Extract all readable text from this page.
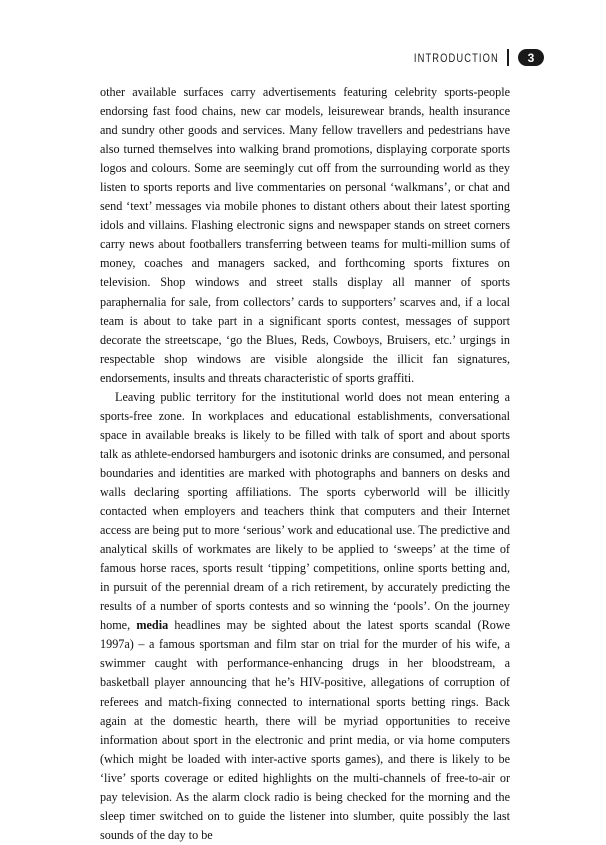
INTRODUCTION	3

other available surfaces carry advertisements featuring celebrity sports-people endorsing fast food chains, new car models, leisurewear brands, health insurance and sundry other goods and services. Many fellow travellers and pedestrians have also turned themselves into walking brand promotions, displaying corporate sports logos and colours. Some are seemingly cut off from the surrounding world as they listen to sports reports and live commentaries on personal ‘walkmans’, or chat and send ‘text’ messages via mobile phones to distant others about their latest sporting idols and villains. Flashing electronic signs and newspaper stands on street corners carry news about footballers transferring between teams for multi-million sums of money, coaches and managers sacked, and forthcoming sports fixtures on television. Shop windows and street stalls display all manner of sports paraphernalia for sale, from collectors’ cards to supporters’ scarves and, if a local team is about to take part in a significant sports contest, messages of support decorate the streetscape, ‘go the Blues, Reds, Cowboys, Bruisers, etc.’ urgings in respectable shop windows are visible alongside the illicit fan signatures, endorsements, insults and threats characteristic of sports graffiti.

Leaving public territory for the institutional world does not mean entering a sports-free zone. In workplaces and educational establishments, conversational space in available breaks is likely to be filled with talk of sport and about sports talk as athlete-endorsed hamburgers and isotonic drinks are consumed, and personal boundaries and identities are marked with photographs and banners on desks and walls declaring sporting affiliations. The sports cyberworld will be illicitly contacted when employers and teachers think that computers and their Internet access are being put to more ‘serious’ work and educational use. The predictive and analytical skills of workmates are likely to be applied to ‘sweeps’ at the time of famous horse races, sports result ‘tipping’ competitions, online sports betting and, in pursuit of the perennial dream of a rich retirement, by accurately predicting the results of a number of sports contests and so winning the ‘pools’. On the journey home, media headlines may be sighted about the latest sports scandal (Rowe 1997a) – a famous sportsman and film star on trial for the murder of his wife, a swimmer caught with performance-enhancing drugs in her bloodstream, a basketball player announcing that he’s HIV-positive, allegations of corruption of referees and match-fixing connected to international sports betting rings. Back again at the domestic hearth, there will be myriad opportunities to receive information about sport in the electronic and print media, or via home computers (which might be loaded with inter-active sports games), and there is likely to be ‘live’ sports coverage or edited highlights on the multi-channels of free-to-air or pay television. As the alarm clock radio is being checked for the morning and the sleep timer switched on to guide the listener into slumber, quite possibly the last sounds of the day to be
